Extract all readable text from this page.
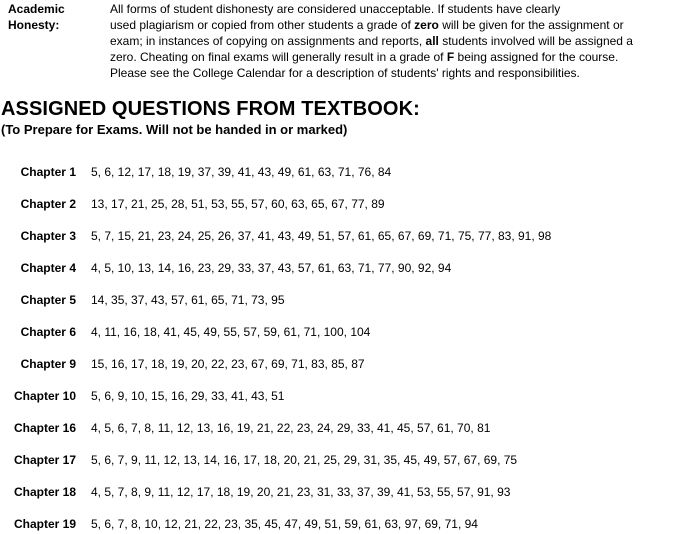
Academic
Honesty:
All forms of student dishonesty are considered unacceptable. If students have clearly
used plagiarism or copied from other students a grade of zero will be given for the assignment or
exam; in instances of copying on assignments and reports, all students involved will be assigned a
zero. Cheating on final exams will generally result in a grade of F being assigned for the course.
Please see the College Calendar for a description of students' rights and responsibilities.
ASSIGNED QUESTIONS FROM TEXTBOOK:
(To Prepare for Exams. Will not be handed in or marked)
Chapter 1 5, 6, 12, 17, 18, 19, 37, 39, 41, 43, 49, 61, 63, 71, 76, 84
Chapter 2 13, 17, 21, 25, 28, 51, 53, 55, 57, 60, 63, 65, 67, 77, 89
Chapter 3 5, 7, 15, 21, 23, 24, 25, 26, 37, 41, 43, 49, 51, 57, 61, 65, 67, 69, 71, 75, 77, 83, 91, 98
Chapter 4 4, 5, 10, 13, 14, 16, 23, 29, 33, 37, 43, 57, 61, 63, 71, 77, 90, 92, 94
Chapter 5 14, 35, 37, 43, 57, 61, 65, 71, 73, 95
Chapter 6 4, 11, 16, 18, 41, 45, 49, 55, 57, 59, 61, 71, 100, 104
Chapter 9 15, 16, 17, 18, 19, 20, 22, 23, 67, 69, 71, 83, 85, 87
Chapter 10 5, 6, 9, 10, 15, 16, 29, 33, 41, 43, 51
Chapter 16 4, 5, 6, 7, 8, 11, 12, 13, 16, 19, 21, 22, 23, 24, 29, 33, 41, 45, 57, 61, 70, 81
Chapter 17 5, 6, 7, 9, 11, 12, 13, 14, 16, 17, 18, 20, 21, 25, 29, 31, 35, 45, 49, 57, 67, 69, 75
Chapter 18 4, 5, 7, 8, 9, 11, 12, 17, 18, 19, 20, 21, 23, 31, 33, 37, 39, 41, 53, 55, 57, 91, 93
Chapter 19 5, 6, 7, 8, 10, 12, 21, 22, 23, 35, 45, 47, 49, 51, 59, 61, 63, 97, 69, 71, 94
